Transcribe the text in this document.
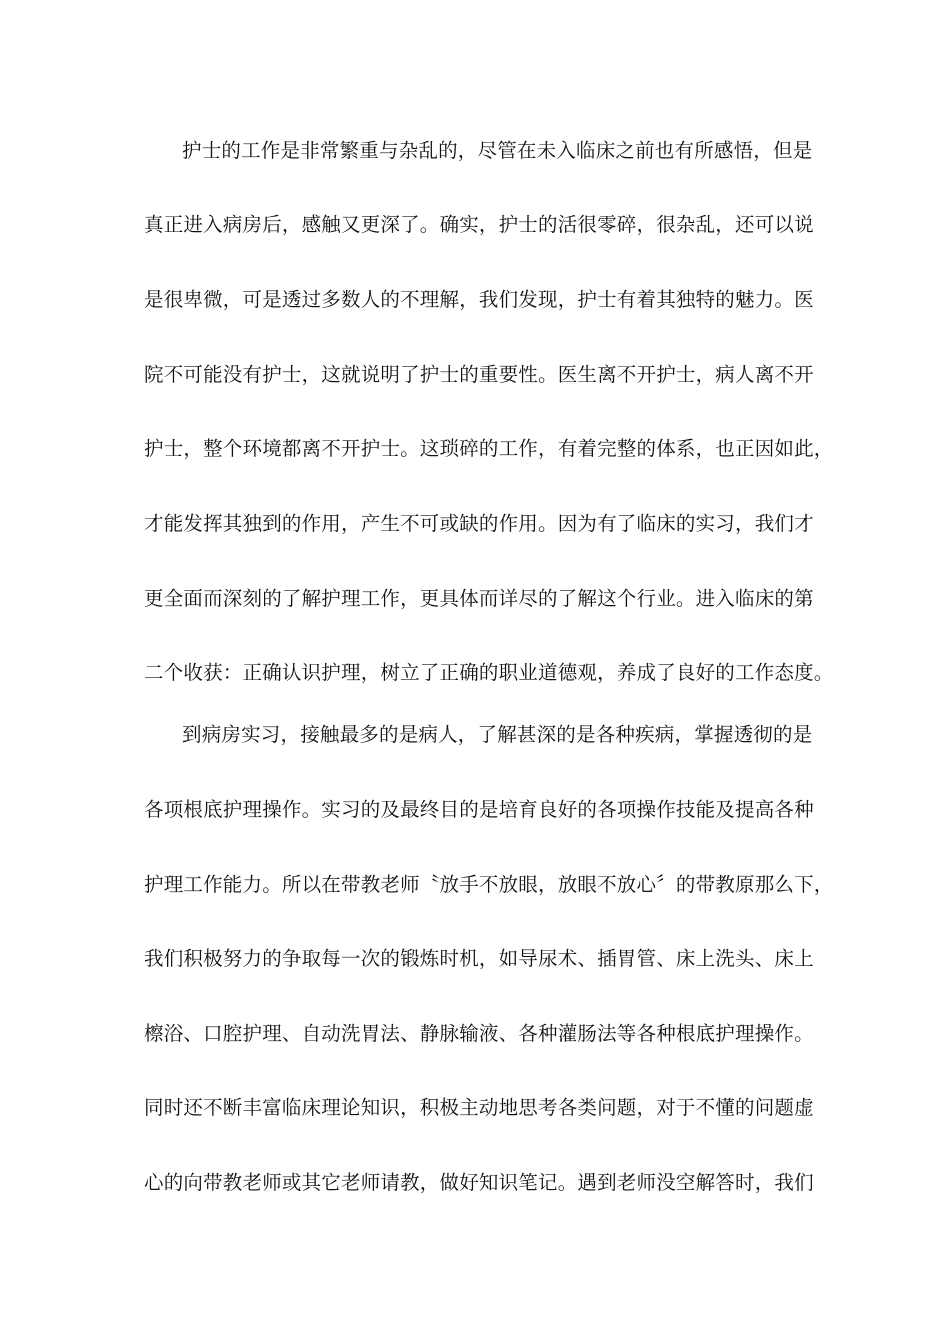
护士的工作是非常繁重与杂乱的，尽管在未入临床之前也有所感悟，但是
真正进入病房后，感触又更深了。确实，护士的活很零碎，很杂乱，还可以说
是很卑微，可是透过多数人的不理解，我们发现，护士有着其独特的魅力。医
院不可能没有护士，这就说明了护士的重要性。医生离不开护士，病人离不开
护士，整个环境都离不开护士。这琐碎的工作，有着完整的体系，也正因如此，
才能发挥其独到的作用，产生不可或缺的作用。因为有了临床的实习，我们才
更全面而深刻的了解护理工作，更具体而详尽的了解这个行业。进入临床的第
二个收获：正确认识护理，树立了正确的职业道德观，养成了良好的工作态度。
到病房实习，接触最多的是病人，了解甚深的是各种疾病，掌握透彻的是
各项根底护理操作。实习的及最终目的是培育良好的各项操作技能及提高各种
护理工作能力。所以在带教老师〝放手不放眼，放眼不放心〞的带教原那么下，
我们积极努力的争取每一次的锻炼时机，如导尿术、插胃管、床上洗头、床上
檫浴、口腔护理、自动洗胃法、静脉输液、各种灌肠法等各种根底护理操作。
同时还不断丰富临床理论知识，积极主动地思考各类问题，对于不懂的问题虚
心的向带教老师或其它老师请教，做好知识笔记。遇到老师没空解答时，我们
